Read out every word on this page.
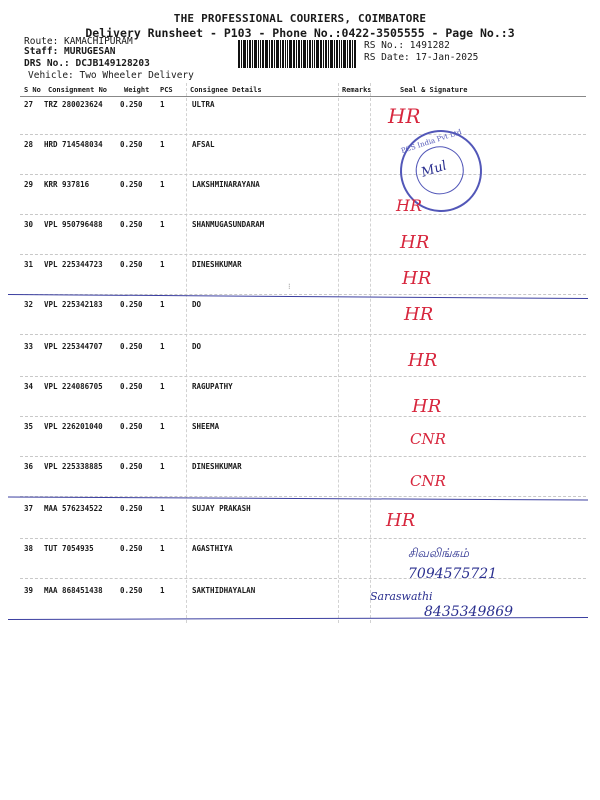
THE PROFESSIONAL COURIERS, COIMBATORE
Delivery Runsheet - P103 - Phone No.:0422-3505555 - Page No.:3
Route: KAMACHIPURAM
Staff: MURUGESAN
DRS No.: DCJB149128203
Vehicle: Two Wheeler Delivery
RS No.: 1491282
RS Date: 17-Jan-2025
S No Consignment No Weight PCS Consignee Details	Remarks	Seal & Signature
27 TRZ 280023624 0.250 1	ULTRA
28 HRD 714548034 0.250 1	AFSAL
29 KRR 937816	0.250 1	LAKSHMINARAYANA
30 VPL 950796488 0.250 1	SHANMUGASUNDARAM
31 VPL 225344723 0.250 1	DINESHKUMAR
32 VPL 225342183 0.250 1	DO
33 VPL 225344707 0.250 1	DO
34 VPL 224086705 0.250 1	RAGUPATHY
35 VPL 226201040 0.250 1	SHEEMA
36 VPL 225338885 0.250 1	DINESHKUMAR
37 MAA 576234522 0.250 1	SUJAY PRAKASH
38 TUT 7054935	0.250 1	AGASTHIYA
39 MAA 868451438 0.250 1	SAKTHIDHAYALAN
PCS India Pvt Ltd
Mul
HR
HR
HR
HR
HR
HR
HR
CNR
CNR
HR
சிவலிங்கம்
7094575721
Saraswathi
8435349869
⁝
